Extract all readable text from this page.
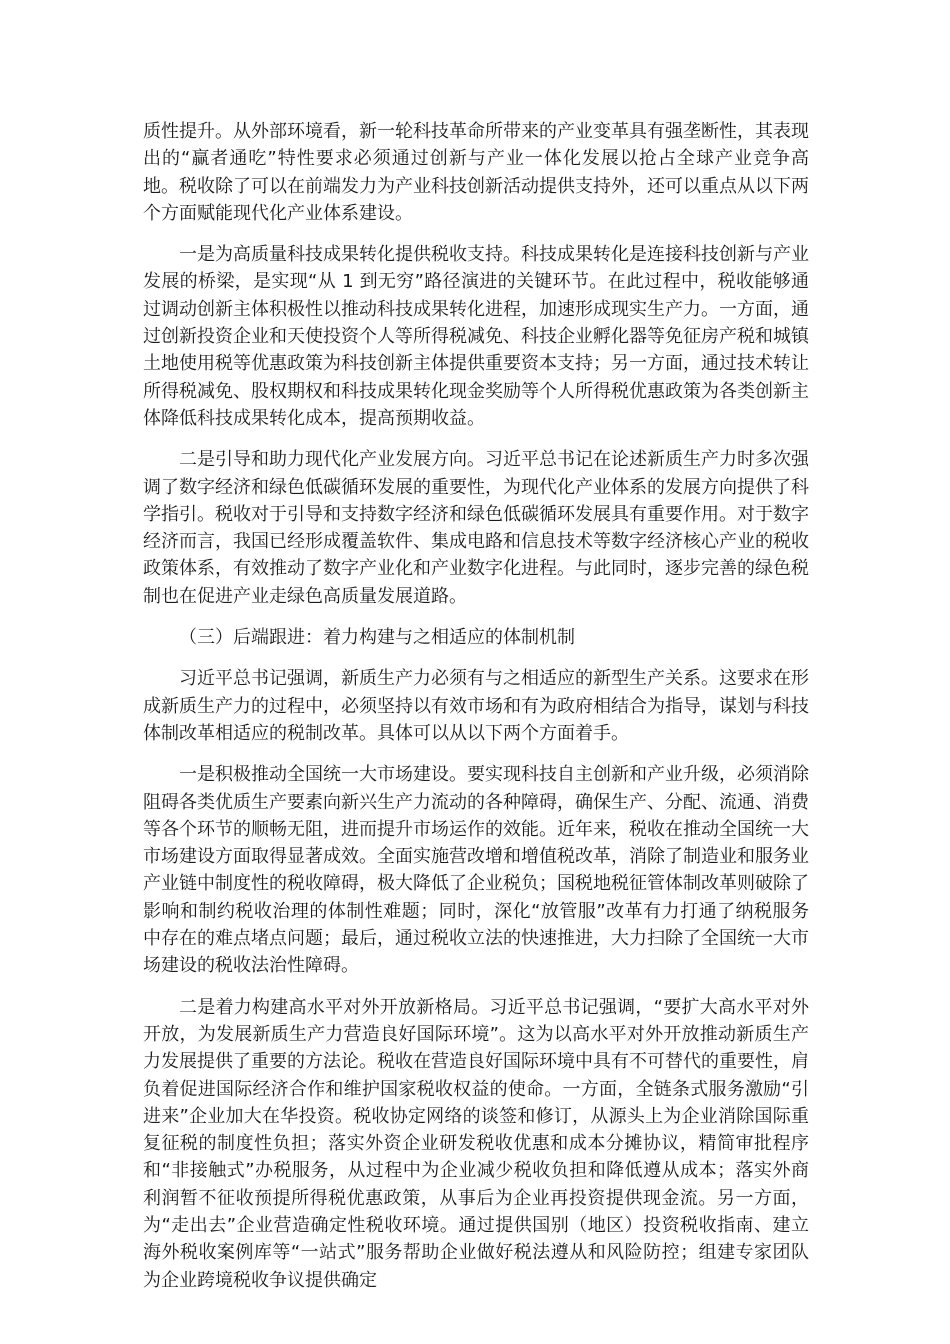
质性提升。从外部环境看，新一轮科技革命所带来的产业变革具有强垄断性，其表现出的“赢者通吃”特性要求必须通过创新与产业一体化发展以抢占全球产业竞争高地。税收除了可以在前端发力为产业科技创新活动提供支持外，还可以重点从以下两个方面赋能现代化产业体系建设。

一是为高质量科技成果转化提供税收支持。科技成果转化是连接科技创新与产业发展的桥梁，是实现“从 1 到无穷”路径演进的关键环节。在此过程中，税收能够通过调动创新主体积极性以推动科技成果转化进程，加速形成现实生产力。一方面，通过创新投资企业和天使投资个人等所得税减免、科技企业孵化器等免征房产税和城镇土地使用税等优惠政策为科技创新主体提供重要资本支持；另一方面，通过技术转让所得税减免、股权期权和科技成果转化现金奖励等个人所得税优惠政策为各类创新主体降低科技成果转化成本，提高预期收益。

二是引导和助力现代化产业发展方向。习近平总书记在论述新质生产力时多次强调了数字经济和绿色低碳循环发展的重要性，为现代化产业体系的发展方向提供了科学指引。税收对于引导和支持数字经济和绿色低碳循环发展具有重要作用。对于数字经济而言，我国已经形成覆盖软件、集成电路和信息技术等数字经济核心产业的税收政策体系，有效推动了数字产业化和产业数字化进程。与此同时，逐步完善的绿色税制也在促进产业走绿色高质量发展道路。

（三）后端跟进：着力构建与之相适应的体制机制

习近平总书记强调，新质生产力必须有与之相适应的新型生产关系。这要求在形成新质生产力的过程中，必须坚持以有效市场和有为政府相结合为指导，谋划与科技体制改革相适应的税制改革。具体可以从以下两个方面着手。

一是积极推动全国统一大市场建设。要实现科技自主创新和产业升级，必须消除阻碍各类优质生产要素向新兴生产力流动的各种障碍，确保生产、分配、流通、消费等各个环节的顺畅无阻，进而提升市场运作的效能。近年来，税收在推动全国统一大市场建设方面取得显著成效。全面实施营改增和增值税改革，消除了制造业和服务业产业链中制度性的税收障碍，极大降低了企业税负；国税地税征管体制改革则破除了影响和制约税收治理的体制性难题；同时，深化“放管服”改革有力打通了纳税服务中存在的难点堵点问题；最后，通过税收立法的快速推进，大力扫除了全国统一大市场建设的税收法治性障碍。

二是着力构建高水平对外开放新格局。习近平总书记强调，“要扩大高水平对外开放，为发展新质生产力营造良好国际环境”。这为以高水平对外开放推动新质生产力发展提供了重要的方法论。税收在营造良好国际环境中具有不可替代的重要性，肩负着促进国际经济合作和维护国家税收权益的使命。一方面，全链条式服务激励“引进来”企业加大在华投资。税收协定网络的谈签和修订，从源头上为企业消除国际重复征税的制度性负担；落实外资企业研发税收优惠和成本分摊协议，精简审批程序和“非接触式”办税服务，从过程中为企业减少税收负担和降低遵从成本；落实外商利润暂不征收预提所得税优惠政策，从事后为企业再投资提供现金流。另一方面，为“走出去”企业营造确定性税收环境。通过提供国别（地区）投资税收指南、建立海外税收案例库等“一站式”服务帮助企业做好税法遵从和风险防控；组建专家团队为企业跨境税收争议提供确定
